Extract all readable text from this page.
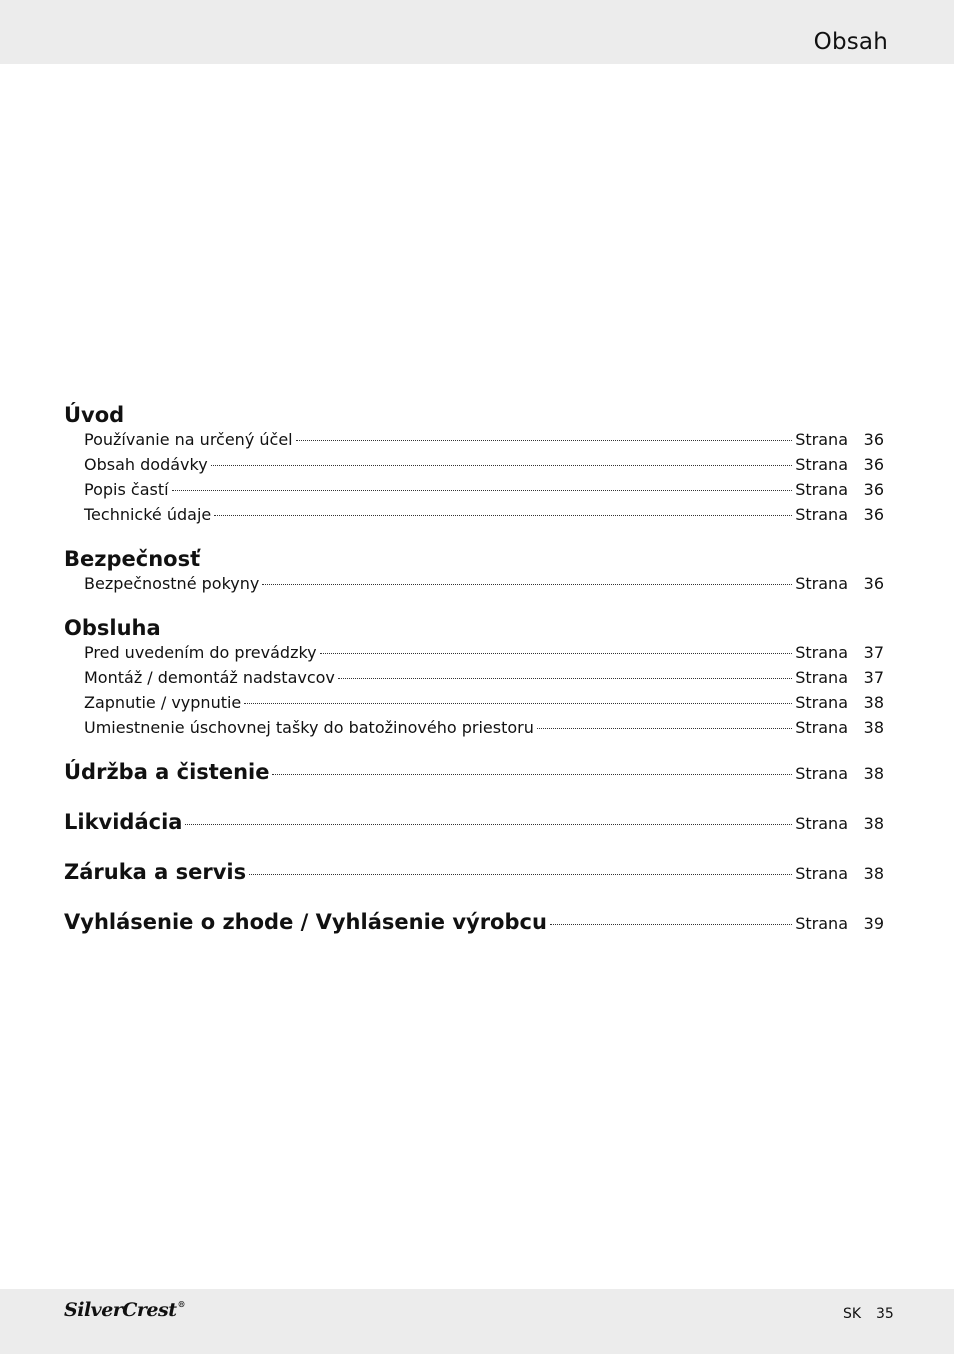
Obsah
Úvod
Používanie na určený účel	Strana 36
Obsah dodávky	Strana 36
Popis častí	Strana 36
Technické údaje	Strana 36
Bezpečnosť
Bezpečnostné pokyny	Strana 36
Obsluha
Pred uvedením do prevádzky	Strana 37
Montáž / demontáž nadstavcov	Strana 37
Zapnutie / vypnutie	Strana 38
Umiestnenie úschovnej tašky do batožinového priestoru	Strana 38
Údržba a čistenie	Strana 38
Likvidácia	Strana 38
Záruka a servis	Strana 38
Vyhlásenie o zhode / Vyhlásenie výrobcu	Strana 39
SilverCrest®
SK 35
